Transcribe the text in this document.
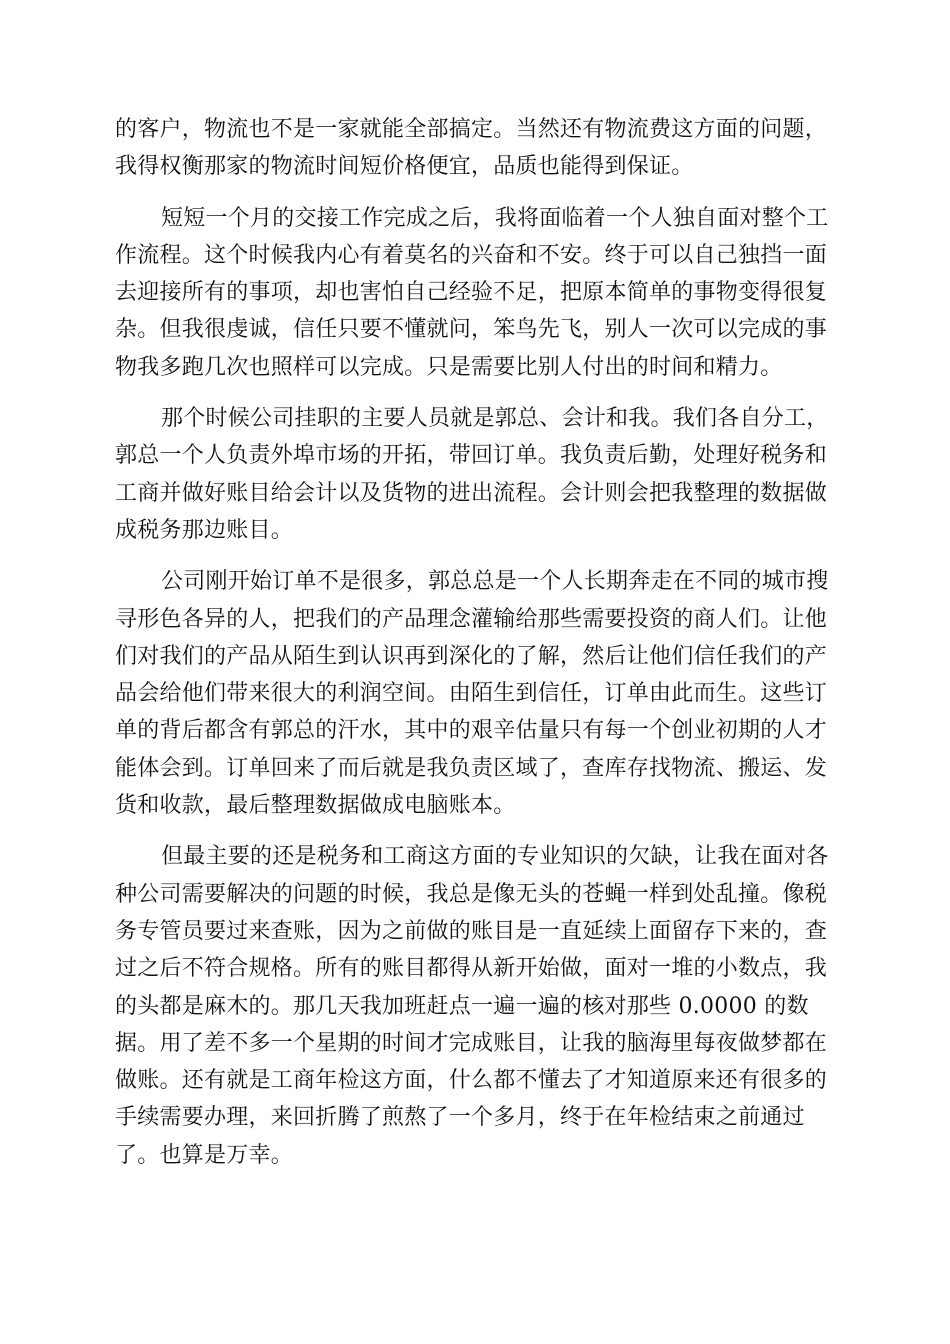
的客户，物流也不是一家就能全部搞定。当然还有物流费这方面的问题，
我得权衡那家的物流时间短价格便宜，品质也能得到保证。

短短一个月的交接工作完成之后，我将面临着一个人独自面对整个工
作流程。这个时候我内心有着莫名的兴奋和不安。终于可以自己独挡一面
去迎接所有的事项，却也害怕自己经验不足，把原本简单的事物变得很复
杂。但我很虔诚，信任只要不懂就问，笨鸟先飞，别人一次可以完成的事
物我多跑几次也照样可以完成。只是需要比别人付出的时间和精力。

那个时候公司挂职的主要人员就是郭总、会计和我。我们各自分工，
郭总一个人负责外埠市场的开拓，带回订单。我负责后勤，处理好税务和
工商并做好账目给会计以及货物的进出流程。会计则会把我整理的数据做
成税务那边账目。

公司刚开始订单不是很多，郭总总是一个人长期奔走在不同的城市搜
寻形色各异的人，把我们的产品理念灌输给那些需要投资的商人们。让他
们对我们的产品从陌生到认识再到深化的了解，然后让他们信任我们的产
品会给他们带来很大的利润空间。由陌生到信任，订单由此而生。这些订
单的背后都含有郭总的汗水，其中的艰辛估量只有每一个创业初期的人才
能体会到。订单回来了而后就是我负责区域了，查库存找物流、搬运、发
货和收款，最后整理数据做成电脑账本。

但最主要的还是税务和工商这方面的专业知识的欠缺，让我在面对各
种公司需要解决的问题的时候，我总是像无头的苍蝇一样到处乱撞。像税
务专管员要过来查账，因为之前做的账目是一直延续上面留存下来的，查
过之后不符合规格。所有的账目都得从新开始做，面对一堆的小数点，我
的头都是麻木的。那几天我加班赶点一遍一遍的核对那些 0.0000 的数
据。用了差不多一个星期的时间才完成账目，让我的脑海里每夜做梦都在
做账。还有就是工商年检这方面，什么都不懂去了才知道原来还有很多的
手续需要办理，来回折腾了煎熬了一个多月，终于在年检结束之前通过
了。也算是万幸。
